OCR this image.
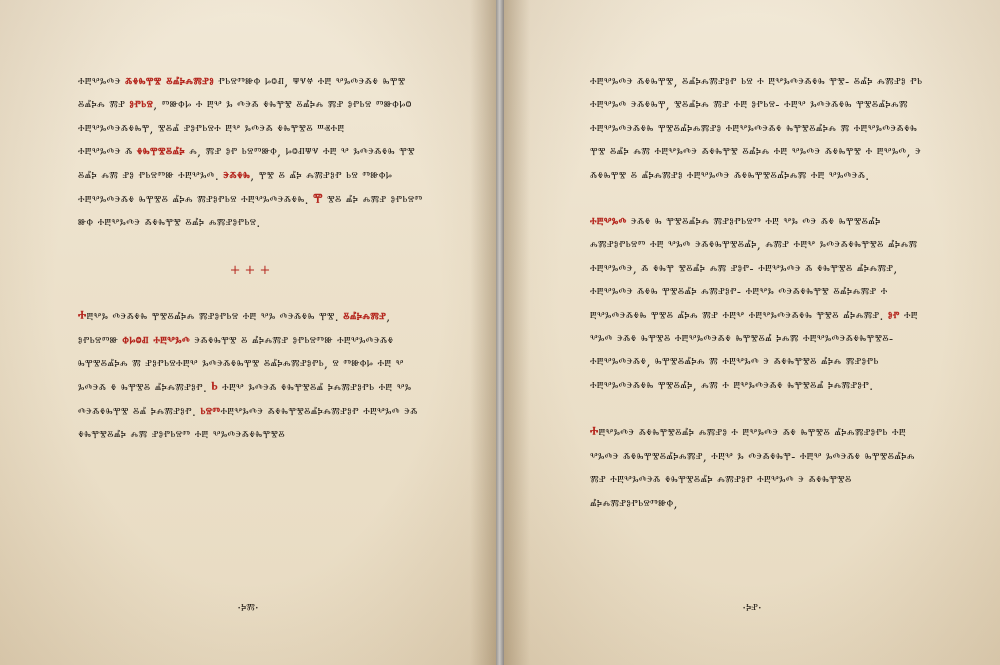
ⰰⰱⰲⰳⰴⰵ ⰶⰷⰸⰹⰺ ⰻⰼⰽⰾⰿⱀⱁ ⱂⱃⱄⱅⱆⱇ ⱈⱉⱊ, ⱋⱌⱍ ⰰⰱ ⰲⰳⰴⰵⰶⰷ ⰸⰹⰺ ⰻⰼⰽⰾ ⰿⱀ ⱁⱂⱃⱄ, ⱅⱆⱇⱈ ⰰ ⰱⰲ ⰳ ⰴⰵⰶ ⰷⰸⰹⰺ ⰻⰼⰽⰾ ⰿⱀ ⱁⱂⱃⱄ ⱅⱆⱇⱈⱉ ⰰⰱⰲⰳⰴⰵⰶⰷⰸⰹ, ⰺⰻⰼ ⱀⱁⱂⱃⱄⰰ ⰱⰲ ⰳⰴⰵⰶ ⰷⰸⰹⰺⰻ ⱎⱏⰰⰱ

ⰰⰱⰲⰳⰴⰵ ⰶ ⰷⰸⰹⰺⰻⰼⰽ ⰾ, ⰿⱀ ⱁⱂ ⱃⱄⱅⱆⱇ, ⱈⱉⱊⱋⱌ ⰰⰱ ⰲ ⰳⰴⰵⰶⰷⰸ ⰹⰺ ⰻⰼⰽ ⰾⰿ ⱀⱁ ⱂⱃⱄⱅⱆ ⰰⰱⰲⰳⰴ. ⰵⰶⰷⰸ, ⰹⰺ ⰻ ⰼⰽ ⰾⰿⱀⱁⱂ ⱃⱄ ⱅⱆⱇⱈ ⰰⰱⰲⰳⰴⰵⰶⰷ ⰸⰹⰺⰻ ⰼⰽⰾ ⰿⱀⱁⱂⱃⱄ ⰰⰱⰲⰳⰴⰵⰶⰷⰸ. ⰹ ⰺⰻ ⰼⰽ ⰾⰿⱀ ⱁⱂⱃⱄⱅ ⱆⱇ ⰰⰱⰲⰳⰴⰵ ⰶⰷⰸⰹⰺ ⰻⰼⰽ ⰾⰿⱀⱁⱂⱃⱄ.

+++

ⰰⰱⰲⰳ ⰴⰵⰶⰷⰸ ⰹⰺⰻⰼⰽⰾ ⰿⱀⱁⱂⱃⱄ ⰰⰱ ⰲⰳ ⰴⰵⰶⰷⰸ ⰹⰺ. ⰻⰼⰽⰾⰿⱀ, ⱁⱂⱃⱄⱅⱆ ⱇⱈⱉⱊ ⰰⰱⰲⰳⰴ ⰵⰶⰷⰸⰹⰺ ⰻ ⰼⰽⰾⰿⱀ ⱁⱂⱃⱄⱅⱆ ⰰⰱⰲⰳⰴⰵⰶⰷ ⰸⰹⰺⰻⰼⰽⰾ ⰿ ⱀⱁⱂⱃⱄⰰⰱⰲ ⰳⰴⰵⰶⰷⰸⰹⰺ ⰻⰼⰽⰾⰿⱀⱁⱂⱃ, ⱄ ⱅⱆⱇⱈ ⰰⰱ ⰲ ⰳⰴⰵⰶ ⰷ ⰸⰹⰺⰻ ⰼⰽⰾⰿⱀⱁⱂ. ⱃ ⰰⰱⰲ ⰳⰴⰵⰶ ⰷⰸⰹⰺⰻⰼ ⰽⰾⰿⱀⱁⱂⱃ ⰰⰱ ⰲⰳ ⰴⰵⰶⰷⰸⰹⰺ ⰻⰼ ⰽⰾⰿⱀⱁⱂ. ⱃⱄⱅⰰⰱⰲⰳⰴⰵ ⰶⰷⰸⰹⰺⰻⰼⰽⰾⰿⱀⱁⱂ ⰰⰱⰲⰳⰴ ⰵⰶ ⰷⰸⰹⰺⰻⰼⰽ ⰾⰿ ⱀⱁⱂⱃⱄⱅ ⰰⰱ ⰲⰳⰴⰵⰶⰷⰸⰹⰺⰻ

·ⰽⰿ·

ⰰⰱⰲⰳⰴⰵ ⰶⰷⰸⰹⰺ, ⰻⰼⰽⰾⰿⱀⱁⱂ ⱃⱄ ⰰ ⰱⰲⰳⰴⰵⰶⰷⰸ ⰹⰺ- ⰻⰼⰽ ⰾⰿⱀⱁ ⱂⱃ ⰰⰱⰲⰳⰴ ⰵⰶⰷⰸⰹ, ⰺⰻⰼⰽⰾ ⰿⱀ ⰰⰱ ⱁⱂⱃⱄ- ⰰⰱⰲ ⰳⰴⰵⰶⰷⰸ ⰹⰺⰻⰼⰽⰾⰿ ⰰⰱⰲⰳⰴⰵⰶⰷⰸ ⰹⰺⰻⰼⰽⰾⰿⱀⱁ ⰰⰱⰲⰳⰴⰵⰶⰷ ⰸⰹⰺⰻⰼⰽⰾ ⰿ ⰰⰱⰲⰳⰴⰵⰶⰷⰸ ⰹⰺ ⰻⰼⰽ ⰾⰿ ⰰⰱⰲⰳⰴⰵ ⰶⰷⰸⰹⰺ ⰻⰼⰽⰾ ⰰⰱ ⰲⰳⰴⰵ ⰶⰷⰸⰹⰺ ⰰ ⰱⰲⰳⰴ, ⰵ ⰶⰷⰸⰹⰺ ⰻ ⰼⰽⰾⰿⱀⱁ ⰰⰱⰲⰳⰴⰵ ⰶⰷⰸⰹⰺⰻⰼⰽⰾⰿ ⰰⰱ ⰲⰳⰴⰵⰶ.

ⰰⰱⰲⰳⰴ ⰵⰶⰷ ⰸ ⰹⰺⰻⰼⰽⰾ ⰿⱀⱁⱂⱃⱄⱅ ⰰⰱ ⰲⰳ ⰴⰵ ⰶⰷ ⰸⰹⰺⰻⰼⰽ ⰾⰿⱀⱁⱂⱃⱄⱅ ⰰⰱ ⰲⰳⰴ ⰵⰶⰷⰸⰹⰺⰻⰼⰽ, ⰾⰿⱀ ⰰⰱⰲ ⰳⰴⰵⰶⰷⰸⰹⰺⰻ ⰼⰽⰾⰿ ⰰⰱⰲⰳⰴⰵ, ⰶ ⰷⰸⰹ ⰺⰻⰼⰽ ⰾⰿ ⱀⱁⱂ- ⰰⰱⰲⰳⰴⰵ ⰶ ⰷⰸⰹⰺⰻ ⰼⰽⰾⰿⱀ, ⰰⰱⰲⰳⰴⰵ ⰶⰷⰸ ⰹⰺⰻⰼⰽ ⰾⰿⱀⱁⱂ- ⰰⰱⰲⰳ ⰴⰵⰶⰷⰸⰹⰺ ⰻⰼⰽⰾⰿⱀ ⰰ ⰱⰲⰳⰴⰵⰶⰷⰸ ⰹⰺⰻ ⰼⰽⰾ ⰿⱀ ⰰⰱⰲ ⰰⰱⰲⰳⰴⰵⰶⰷⰸ ⰹⰺⰻ ⰼⰽⰾⰿⱀ. ⱁⱂ ⰰⰱ ⰲⰳⰴ ⰵⰶⰷ ⰸⰹⰺⰻ ⰰⰱⰲⰳⰴⰵⰶⰷ ⰸⰹⰺⰻⰼ ⰽⰾⰿ ⰰⰱⰲⰳⰴⰵⰶⰷⰸⰹⰺⰻ- ⰰⰱⰲⰳⰴⰵⰶⰷ, ⰸⰹⰺⰻⰼⰽⰾ ⰿ ⰰⰱⰲⰳⰴ ⰵ ⰶⰷⰸⰹⰺⰻ ⰼⰽⰾ ⰿⱀⱁⱂⱃ ⰰⰱⰲⰳⰴⰵⰶⰷⰸ ⰹⰺⰻⰼⰽ, ⰾⰿ ⰰ ⰱⰲⰳⰴⰵⰶⰷ ⰸⰹⰺⰻⰼ ⰽⰾⰿⱀⱁⱂ.

ⰰⰱⰲⰳⰴⰵ ⰶⰷⰸⰹⰺⰻⰼⰽ ⰾⰿⱀⱁ ⰰ ⰱⰲⰳⰴⰵ ⰶⰷ ⰸⰹⰺⰻ ⰼⰽⰾⰿⱀⱁⱂⱃ ⰰⰱ ⰲⰳⰴⰵ ⰶⰷⰸⰹⰺⰻⰼⰽⰾⰿⱀ, ⰰⰱⰲ ⰳ ⰴⰵⰶⰷⰸⰹ- ⰰⰱⰲ ⰳⰴⰵⰶⰷ ⰸⰹⰺⰻⰼⰽⰾ ⰿⱀ ⰰⰱⰲⰳⰴⰵⰶ ⰷⰸⰹⰺⰻⰼⰽ ⰾⰿⱀⱁⱂ ⰰⰱⰲⰳⰴ ⰵ ⰶⰷⰸⰹⰺⰻ ⰼⰽⰾⰿⱀⱁⱂⱃⱄⱅⱆⱇ,

·ⰽⱀ·
